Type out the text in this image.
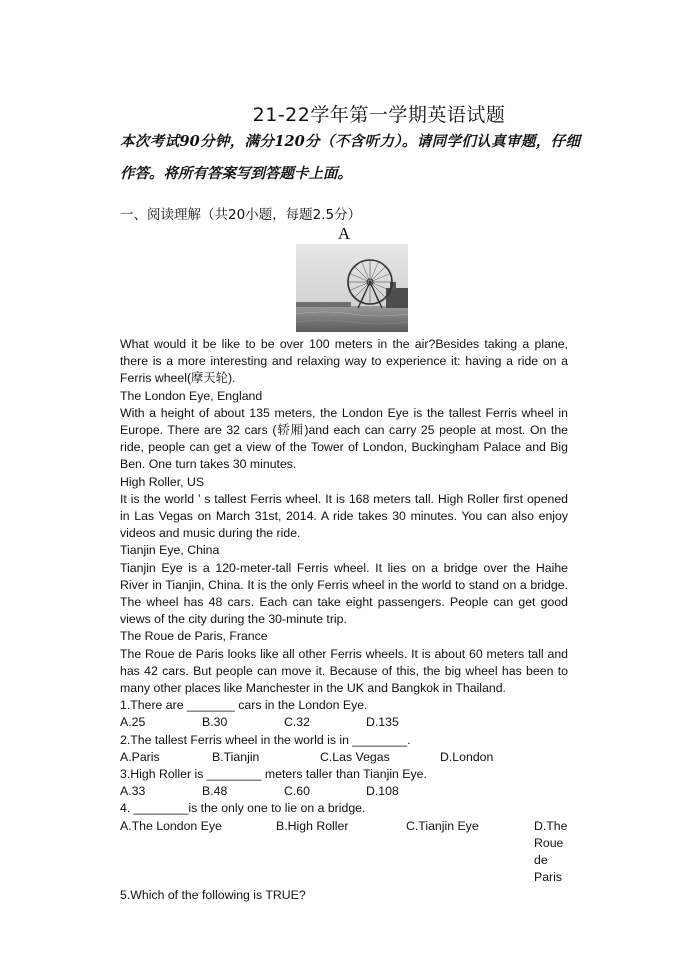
21-22学年第一学期英语试题
本次考试90分钟，满分120分（不含听力）。请同学们认真审题，仔细作答。将所有答案写到答题卡上面。
一、阅读理解（共20小题，每题2.5分）
A

What would it be like to be over 100 meters in the air?Besides taking a plane, there is a more interesting and relaxing way to experience it: having a ride on a Ferris wheel(摩天轮).

The London Eye, England

With a height of about 135 meters, the London Eye is the tallest Ferris wheel in Europe. There are 32 cars (轿厢)and each can carry 25 people at most. On the ride, people can get a view of the Tower of London, Buckingham Palace and Big Ben. One turn takes 30 minutes.

High Roller, US

It is the world ’ s tallest Ferris wheel. It is 168 meters tall. High Roller first opened in Las Vegas on March 31st, 2014. A ride takes 30 minutes. You can also enjoy videos and music during the ride.

Tianjin Eye, China

Tianjin Eye is a 120-meter-tall Ferris wheel. It lies on a bridge over the Haihe River in Tianjin, China. It is the only Ferris wheel in the world to stand on a bridge. The wheel has 48 cars. Each can take eight passengers. People can get good views of the city during the 30-minute trip.

The Roue de Paris, France

The Roue de Paris looks like all other Ferris wheels. It is about 60 meters tall and has 42 cars. But people can move it. Because of this, the big wheel has been to many other places like Manchester in the UK and Bangkok in Thailand.

1.There are _______ cars in the London Eye.

A.25	B.30	C.32	D.135

2.The tallest Ferris wheel in the world is in ________.

A.Paris	B.Tianjin	C.Las Vegas	D.London

3.High Roller is ________ meters taller than Tianjin Eye.

A.33	B.48	C.60	D.108

4. ________is the only one to lie on a bridge.

A.The London Eye	B.High Roller	C.Tianjin Eye	D.The Roue de Paris

5.Which of the following is TRUE?
